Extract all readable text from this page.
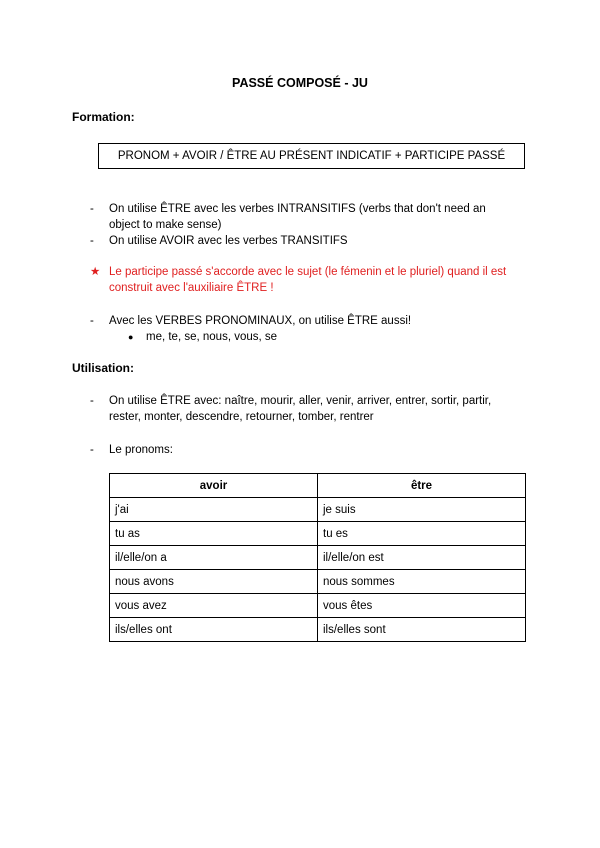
PASSÉ COMPOSÉ - JU
Formation:
PRONOM + AVOIR / ÊTRE AU PRÉSENT INDICATIF + PARTICIPE PASSÉ
- On utilise ÊTRE avec les verbes INTRANSITIFS (verbs that don't need an object to make sense)
- On utilise AVOIR avec les verbes TRANSITIFS
★ Le participe passé s'accorde avec le sujet (le fémenin et le pluriel) quand il est construit avec l'auxiliaire ÊTRE !
- Avec les VERBES PRONOMINAUX, on utilise ÊTRE aussi!
● me, te, se, nous, vous, se
Utilisation:
- On utilise ÊTRE avec: naître, mourir, aller, venir, arriver, entrer, sortir, partir, rester, monter, descendre, retourner, tomber, rentrer
- Le pronoms:
avoir	être
j'ai	je suis
tu as	tu es
il/elle/on a	il/elle/on est
nous avons	nous sommes
vous avez	vous êtes
ils/elles ont	ils/elles sont
